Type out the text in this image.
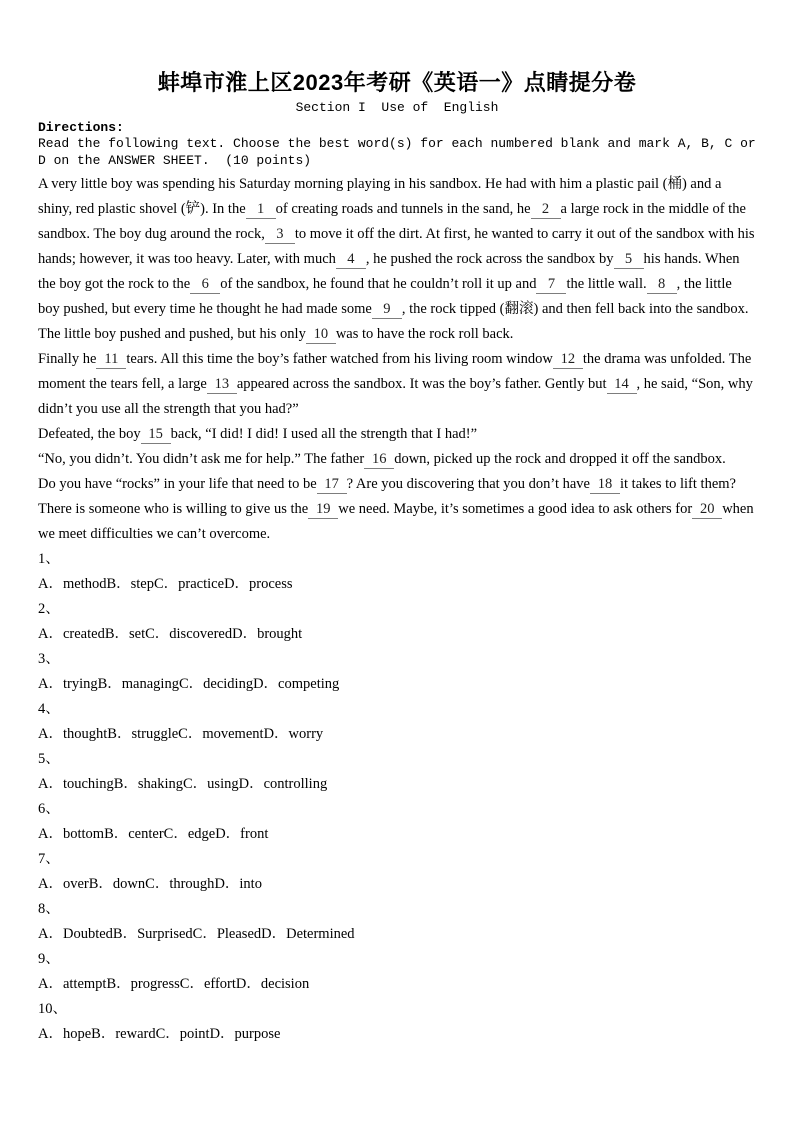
蚌埠市淮上区2023年考研《英语一》点睛提分卷
Section I  Use of  English
Directions:
Read the following text. Choose the best word(s) for each numbered blank and mark A, B, C or D on the ANSWER SHEET.  (10 points)

A very little boy was spending his Saturday morning playing in his sandbox. He had with him a plastic pail (桶) and a shiny, red plastic shovel (铲). In the 1 of creating roads and tunnels in the sand, he 2 a large rock in the middle of the sandbox. The boy dug around the rock, 3 to move it off the dirt. At first, he wanted to carry it out of the sandbox with his hands; however, it was too heavy. Later, with much 4 , he pushed the rock across the sandbox by 5 his hands. When the boy got the rock to the 6 of the sandbox, he found that he couldn’t roll it up and 7 the little wall. 8 , the little boy pushed, but every time he thought he had made some 9 , the rock tipped (翻滚) and then fell back into the sandbox. The little boy pushed and pushed, but his only 10 was to have the rock roll back.

Finally he 11 tears. All this time the boy’s father watched from his living room window 12 the drama was unfolded. The moment the tears fell, a large 13 appeared across the sandbox. It was the boy’s father. Gently but 14 , he said, “Son, why didn’t you use all the strength that you had?”

Defeated, the boy 15 back, “I did! I did! I used all the strength that I had!”

“No, you didn’t. You didn’t ask me for help.” The father 16 down, picked up the rock and dropped it off the sandbox.

Do you have “rocks” in your life that need to be 17 ? Are you discovering that you don’t have 18 it takes to lift them? There is someone who is willing to give us the 19 we need. Maybe, it’s sometimes a good idea to ask others for 20 when we meet difficulties we can’t overcome.

1、
A．methodB．stepC．practiceD．process
2、
A．createdB．setC．discoveredD．brought
3、
A．tryingB．managingC．decidingD．competing
4、
A．thoughtB．struggleC．movementD．worry
5、
A．touchingB．shakingC．usingD．controlling
6、
A．bottomB．centerC．edgeD．front
7、
A．overB．downC．throughD．into
8、
A．DoubtedB．SurprisedC．PleasedD．Determined
9、
A．attemptB．progressC．effortD．decision
10、
A．hopeB．rewardC．pointD．purpose
